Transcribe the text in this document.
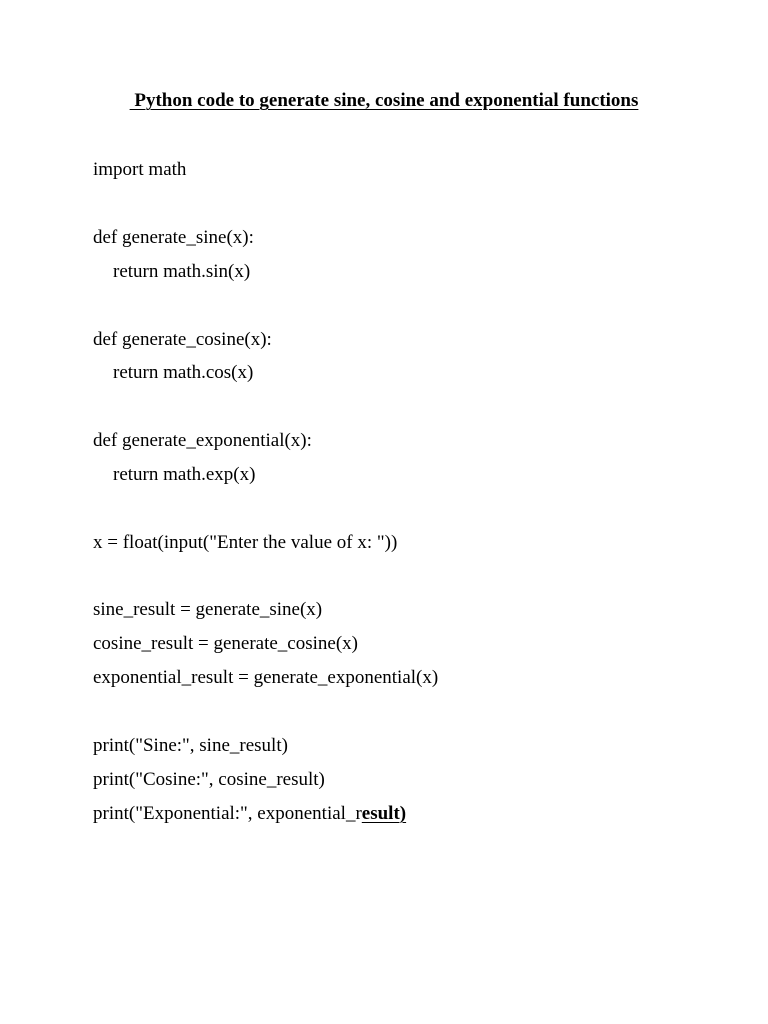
Python code to generate sine, cosine and exponential functions
import math
def generate_sine(x):
return math.sin(x)
def generate_cosine(x):
return math.cos(x)
def generate_exponential(x):
return math.exp(x)
x = float(input("Enter the value of x: "))
sine_result = generate_sine(x)
cosine_result = generate_cosine(x)
exponential_result = generate_exponential(x)
print("Sine:", sine_result)
print("Cosine:", cosine_result)
print("Exponential:", exponential_result)
